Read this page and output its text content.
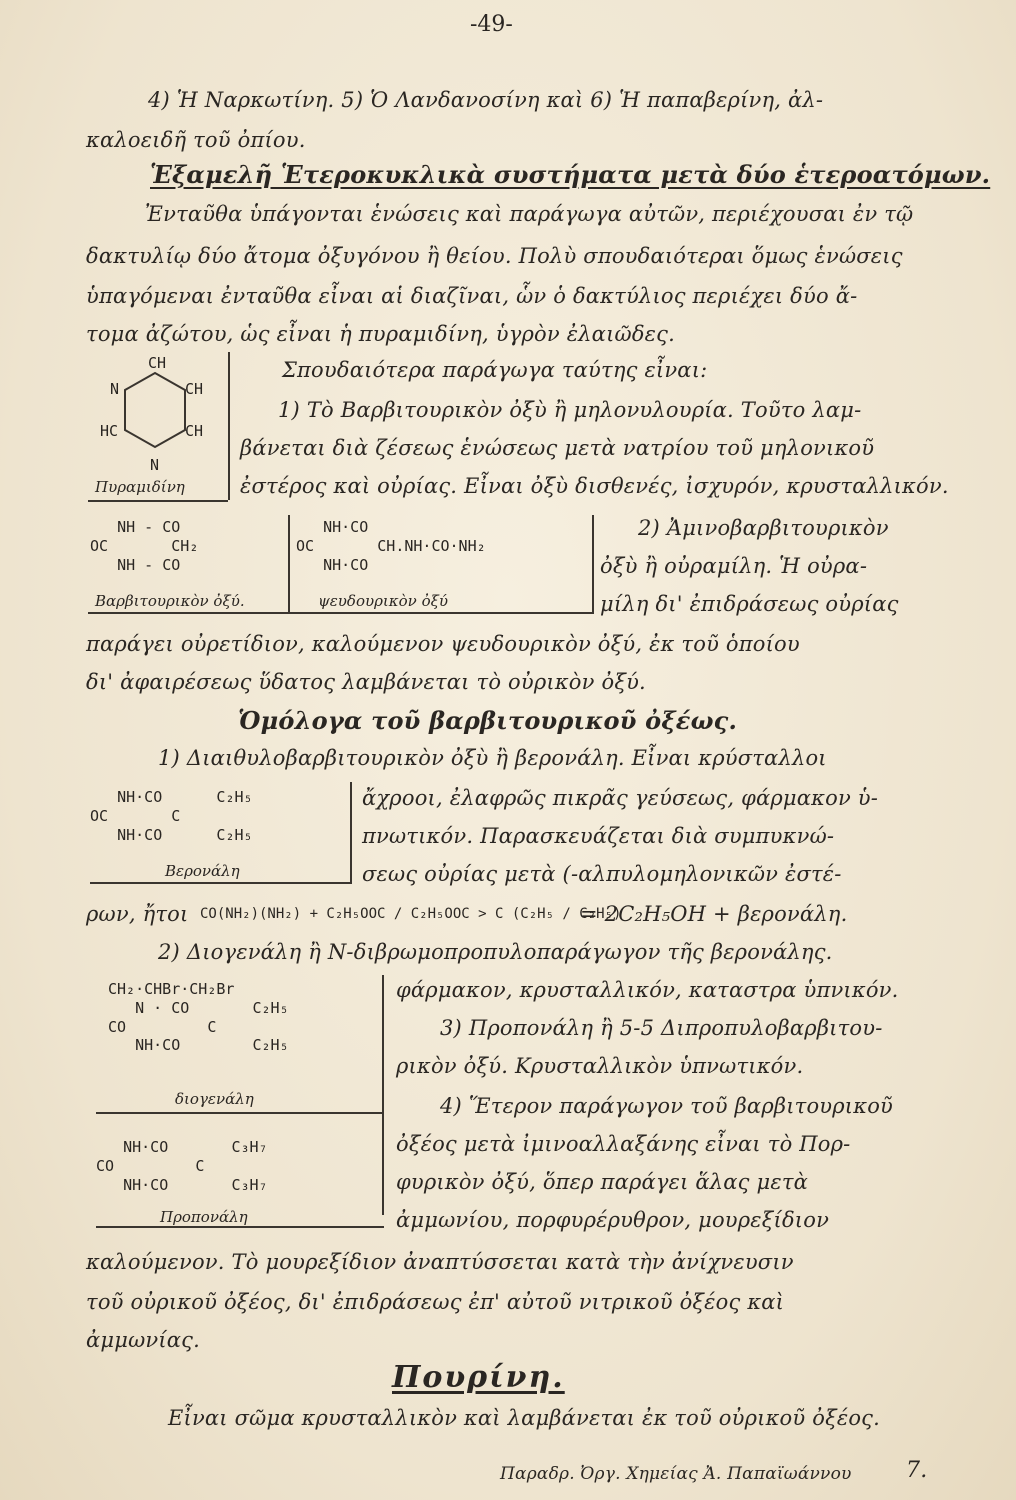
-49-
4) Ἡ Ναρκωτίνη. 5) Ὁ Λανδανοσίνη καὶ 6) Ἡ παπαβερίνη, ἀλ-
καλοειδῆ τοῦ ὀπίου.
Ἑξαμελῆ Ἑτεροκυκλικὰ συστήματα μετὰ δύο ἑτεροατόμων.
Ἐνταῦθα ὑπάγονται ἑνώσεις καὶ παράγωγα αὐτῶν, περιέχουσαι ἐν τῷ
δακτυλίῳ δύο ἄτομα ὀξυγόνου ἢ θείου. Πολὺ σπουδαιότεραι ὅμως ἑνώσεις
ὑπαγόμεναι ἐνταῦθα εἶναι αἱ διαζῖναι, ὧν ὁ δακτύλιος περιέχει δύο ἄ-
τομα ἀζώτου, ὡς εἶναι ἡ πυραμιδίνη, ὑγρὸν ἐλαιῶδες.
CH
N	CH
HC	CH
N
Πυραμιδίνη
Σπουδαιότερα παράγωγα ταύτης εἶναι:
1) Τὸ Βαρβιτουρικὸν ὀξὺ ἢ μηλονυλουρία. Τοῦτο λαμ-
βάνεται διὰ ζέσεως ἑνώσεως μετὰ νατρίου τοῦ μηλονικοῦ
ἐστέρος καὶ οὐρίας. Εἶναι ὀξὺ δισθενές, ἰσχυρόν, κρυσταλλικόν.
NH - CO
OC       CH₂
NH - CO
Βαρβιτουρικὸν ὀξύ.
NH·CO
OC       CH.NH·CO·NH₂
NH·CO
ψευδουρικὸν ὀξύ
2) Ἀμινοβαρβιτουρικὸν
ὀξὺ ἢ οὐραμίλη. Ἡ οὐρα-
μίλη δι' ἐπιδράσεως οὐρίας
παράγει οὐρετίδιον, καλούμενον ψευδουρικὸν ὀξύ, ἐκ τοῦ ὁποίου
δι' ἀφαιρέσεως ὕδατος λαμβάνεται τὸ οὐρικὸν ὀξύ.
Ὁμόλογα τοῦ βαρβιτουρικοῦ ὀξέως.
1) Διαιθυλοβαρβιτουρικὸν ὀξὺ ἢ βερονάλη. Εἶναι κρύσταλλοι
NH·CO      C₂H₅
OC       C
NH·CO      C₂H₅
Βερονάλη
ἄχροοι, ἐλαφρῶς πικρᾶς γεύσεως, φάρμακον ὑ-
πνωτικόν. Παρασκευάζεται διὰ συμπυκνώ-
σεως οὐρίας μετὰ (-αλπυλομηλονικῶν ἐστέ-
ρων, ἤτοι CO(NH₂)(NH₂) + C₂H₅OOC / C₂H₅OOC > C (C₂H₅ / C₂H₅)
= 2C₂H₅OH + βερονάλη.
2) Διογενάλη ἢ N-διβρωμοπροπυλοπαράγωγον τῆς βερονάλης.
CH₂·CHBr·CH₂Br
N · CO       C₂H₅
CO         C
NH·CO        C₂H₅
διογενάλη
φάρμακον, κρυσταλλικόν, καταστρα ὑπνικόν.
3) Προπονάλη ἢ 5-5 Διπροπυλοβαρβιτου-
ρικὸν ὀξύ. Κρυσταλλικὸν ὑπνωτικόν.
NH·CO       C₃H₇
CO         C
NH·CO       C₃H₇
Προπονάλη
4) Ἕτερον παράγωγον τοῦ βαρβιτουρικοῦ
ὀξέος μετὰ ἰμινοαλλαξάνης εἶναι τὸ Πορ-
φυρικὸν ὀξύ, ὅπερ παράγει ἅλας μετὰ
ἀμμωνίου, πορφυρέρυθρον, μουρεξίδιον
καλούμενον. Τὸ μουρεξίδιον ἀναπτύσσεται κατὰ τὴν ἀνίχνευσιν
τοῦ οὐρικοῦ ὀξέος, δι' ἐπιδράσεως ἐπ' αὐτοῦ νιτρικοῦ ὀξέος καὶ
ἀμμωνίας.
Πουρίνη.
Εἶναι σῶμα κρυσταλλικὸν καὶ λαμβάνεται ἐκ τοῦ οὐρικοῦ ὀξέος.
Παραδρ. Ὀργ. Χημείας Ἀ. Παπαϊωάννου 7.
